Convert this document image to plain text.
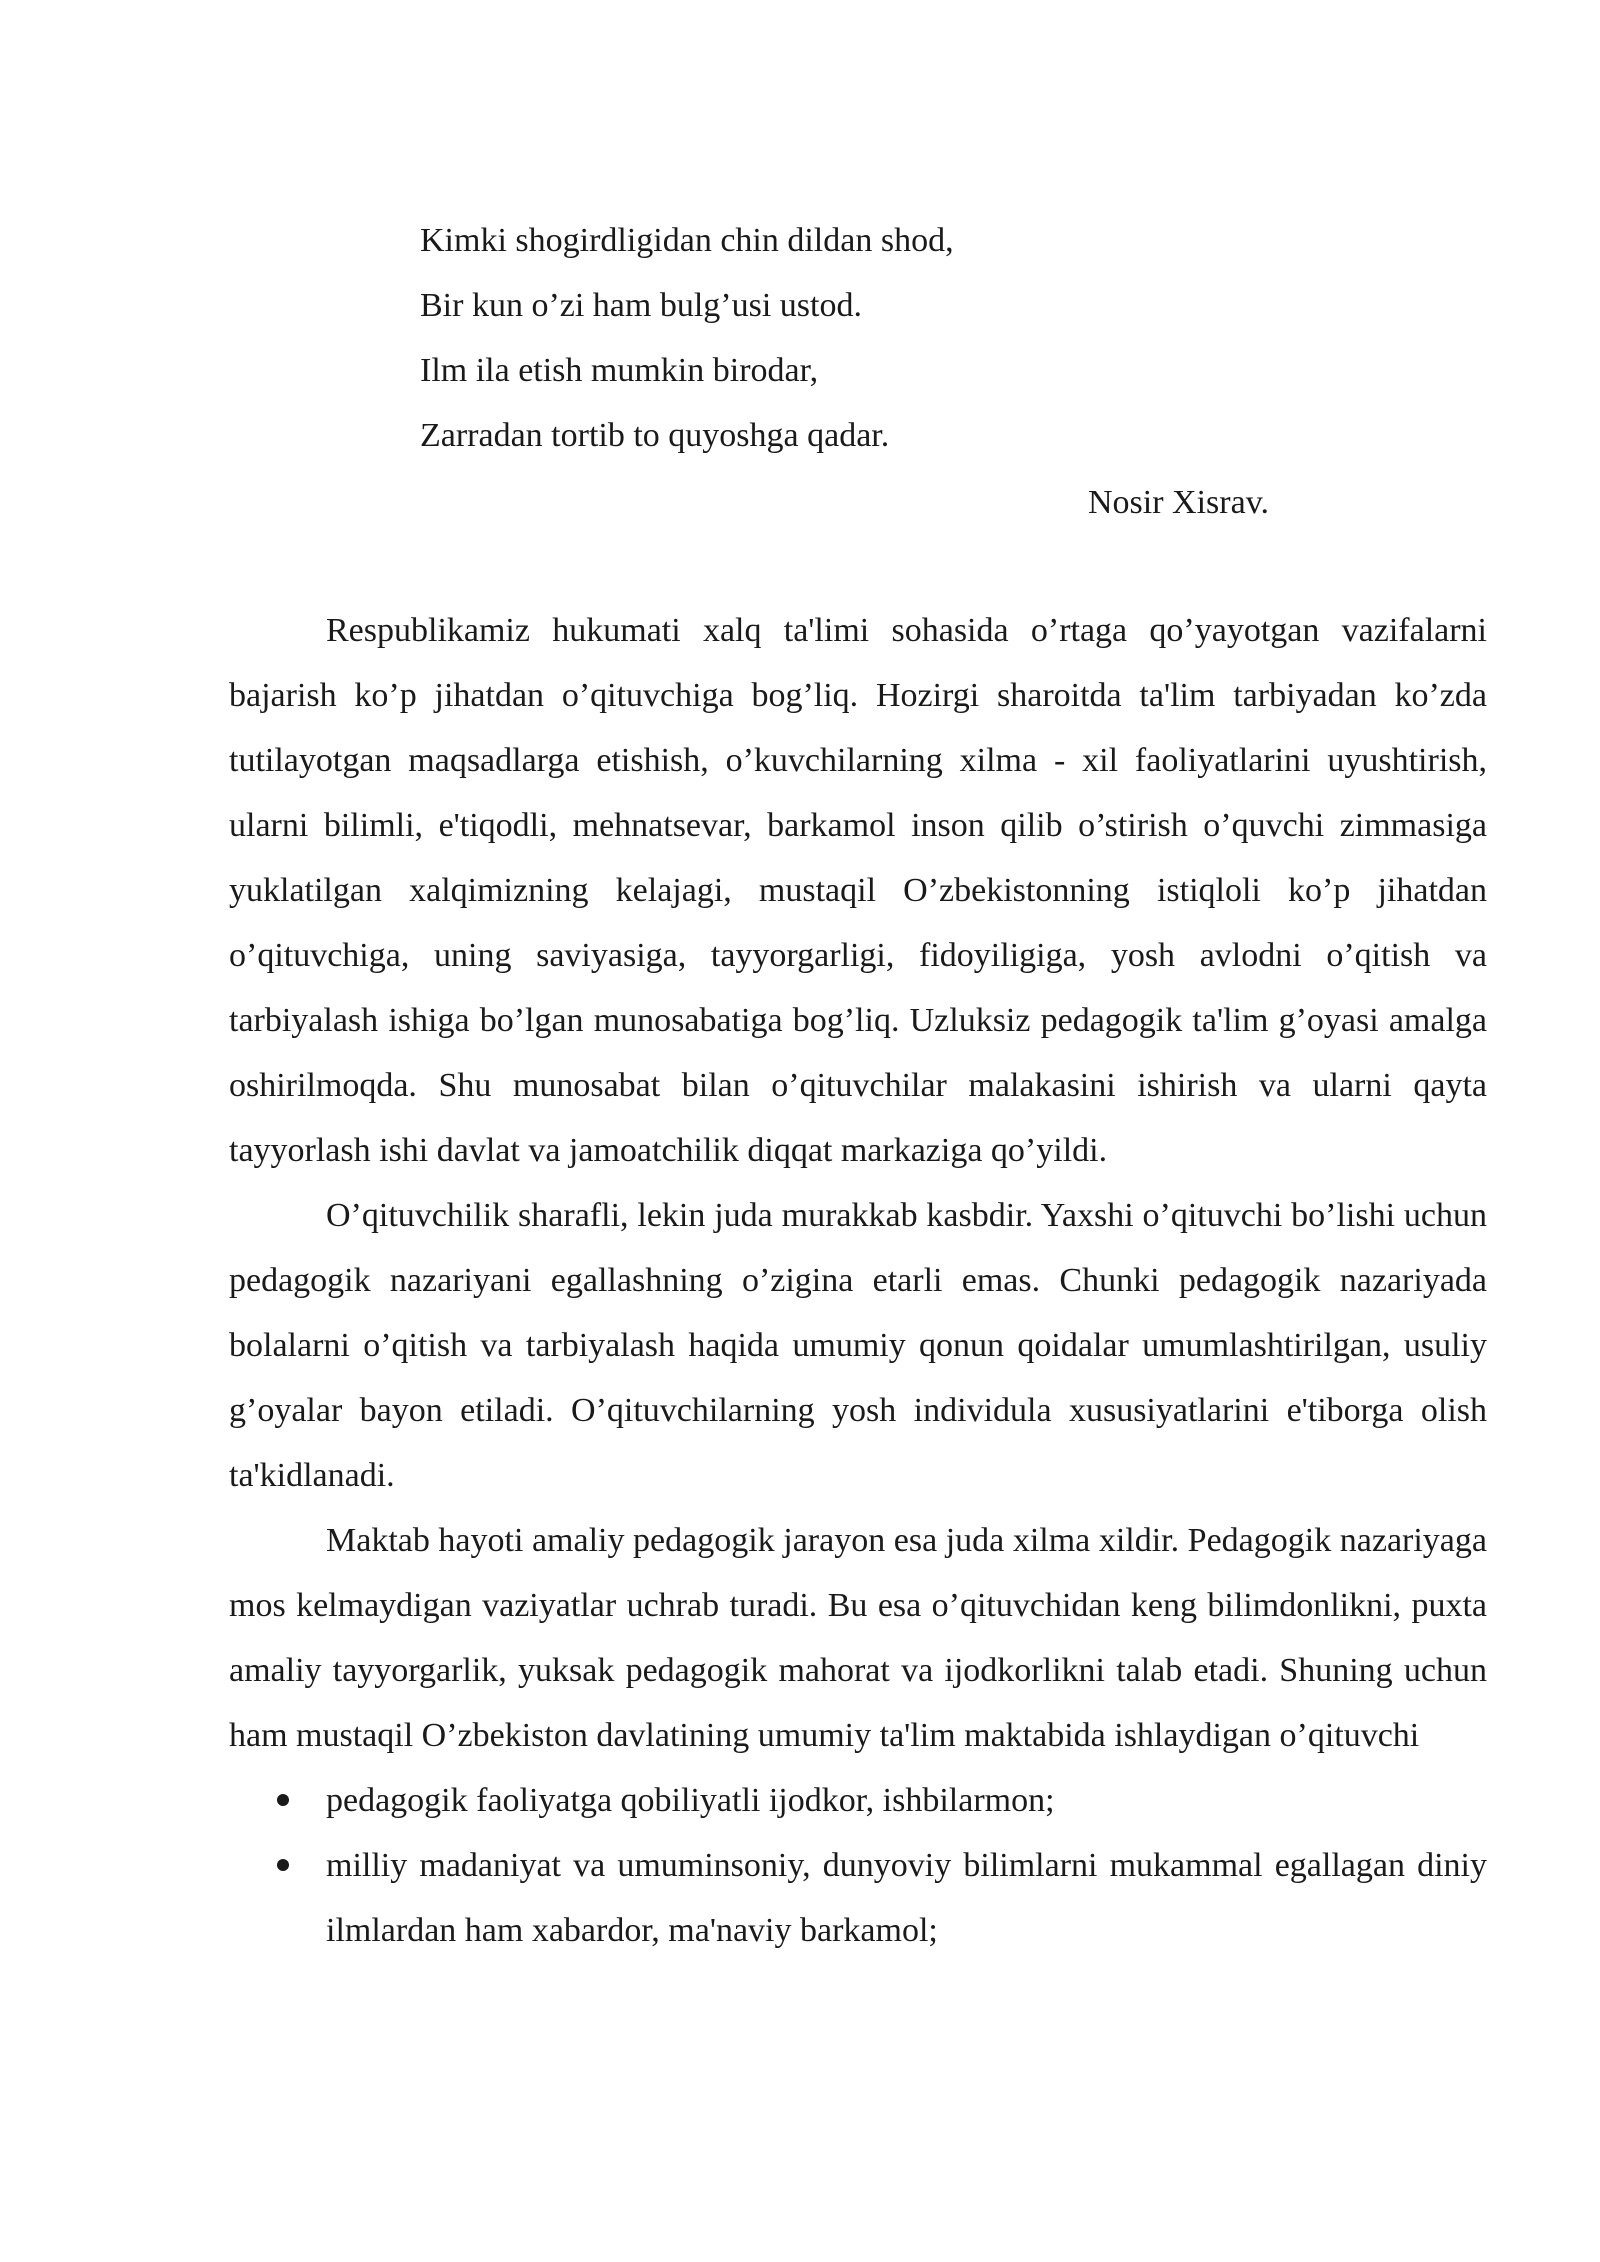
Kimki shogirdligidan chin dildan shod,
Bir kun o’zi ham bulg’usi ustod.
Ilm ila etish mumkin birodar,
Zarradan tortib to quyoshga qadar.
Nosir Xisrav.

Respublikamiz hukumati xalq ta'limi sohasida o’rtaga qo’yayotgan vazifalarni bajarish ko’p jihatdan o’qituvchiga bog’liq. Hozirgi sharoitda ta'lim tarbiyadan ko’zda tutilayotgan maqsadlarga etishish, o’kuvchilarning xilma - xil faoliyatlarini uyushtirish, ularni bilimli, e'tiqodli, mehnatsevar, barkamol inson qilib o’stirish o’quvchi zimmasiga yuklatilgan xalqimizning kelajagi, mustaqil O’zbekistonning istiqloli ko’p jihatdan o’qituvchiga, uning saviyasiga, tayyorgarligi, fidoyiligiga, yosh avlodni o’qitish va tarbiyalash ishiga bo’lgan munosabatiga bog’liq. Uzluksiz pedagogik ta'lim g’oyasi amalga oshirilmoqda. Shu munosabat bilan o’qituvchilar malakasini ishirish va ularni qayta tayyorlash ishi davlat va jamoatchilik diqqat markaziga qo’yildi.

O’qituvchilik sharafli, lekin juda murakkab kasbdir. Yaxshi o’qituvchi bo’lishi uchun pedagogik nazariyani egallashning o’zigina etarli emas. Chunki pedagogik nazariyada bolalarni o’qitish va tarbiyalash haqida umumiy qonun qoidalar umumlashtirilgan, usuliy g’oyalar bayon etiladi. O’qituvchilarning yosh individula xususiyatlarini e'tiborga olish ta'kidlanadi.

Maktab hayoti amaliy pedagogik jarayon esa juda xilma xildir. Pedagogik nazariyaga mos kelmaydigan vaziyatlar uchrab turadi. Bu esa o’qituvchidan keng bilimdonlikni, puxta amaliy tayyorgarlik, yuksak pedagogik mahorat va ijodkorlikni talab etadi. Shuning uchun ham mustaqil O’zbekiston davlatining umumiy ta'lim maktabida ishlaydigan o’qituvchi

pedagogik faoliyatga qobiliyatli ijodkor, ishbilarmon;
milliy madaniyat va umuminsoniy, dunyoviy bilimlarni mukammal egallagan diniy ilmlardan ham xabardor, ma'naviy barkamol;
